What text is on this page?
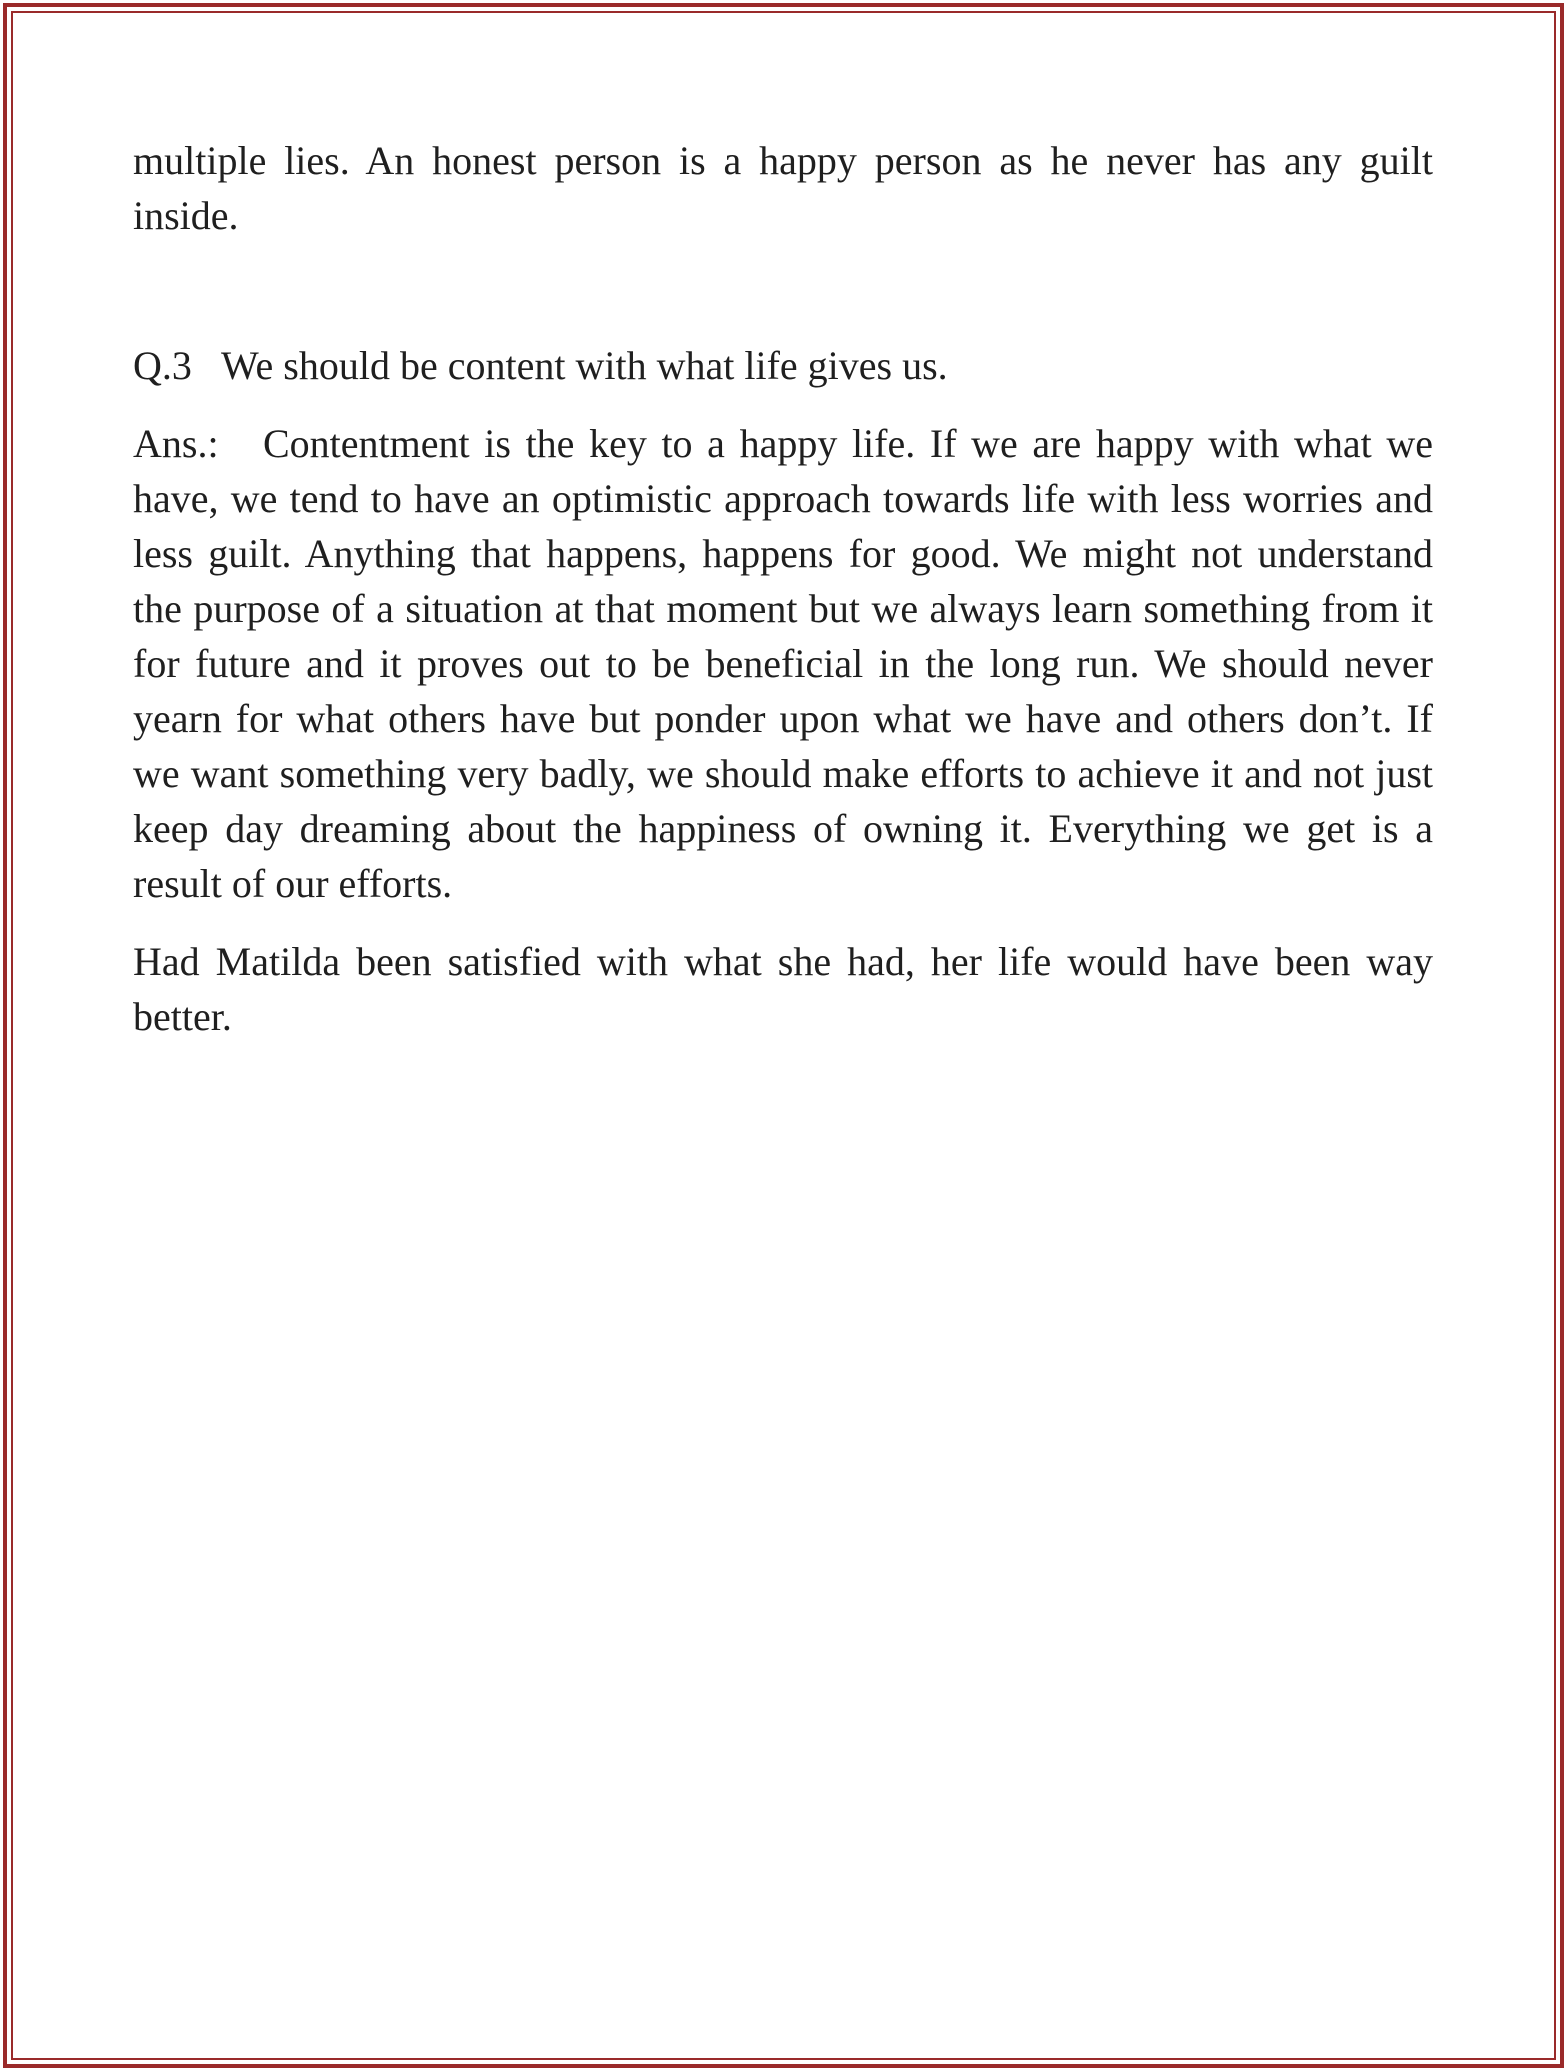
multiple lies. An honest person is a happy person as he never has any guilt inside.

Q.3 We should be content with what life gives us.

Ans.: Contentment is the key to a happy life. If we are happy with what we have, we tend to have an optimistic approach towards life with less worries and less guilt. Anything that happens, happens for good. We might not understand the purpose of a situation at that moment but we always learn something from it for future and it proves out to be beneficial in the long run. We should never yearn for what others have but ponder upon what we have and others don’t. If we want something very badly, we should make efforts to achieve it and not just keep day dreaming about the happiness of owning it. Everything we get is a result of our efforts.

Had Matilda been satisfied with what she had, her life would have been way better.
